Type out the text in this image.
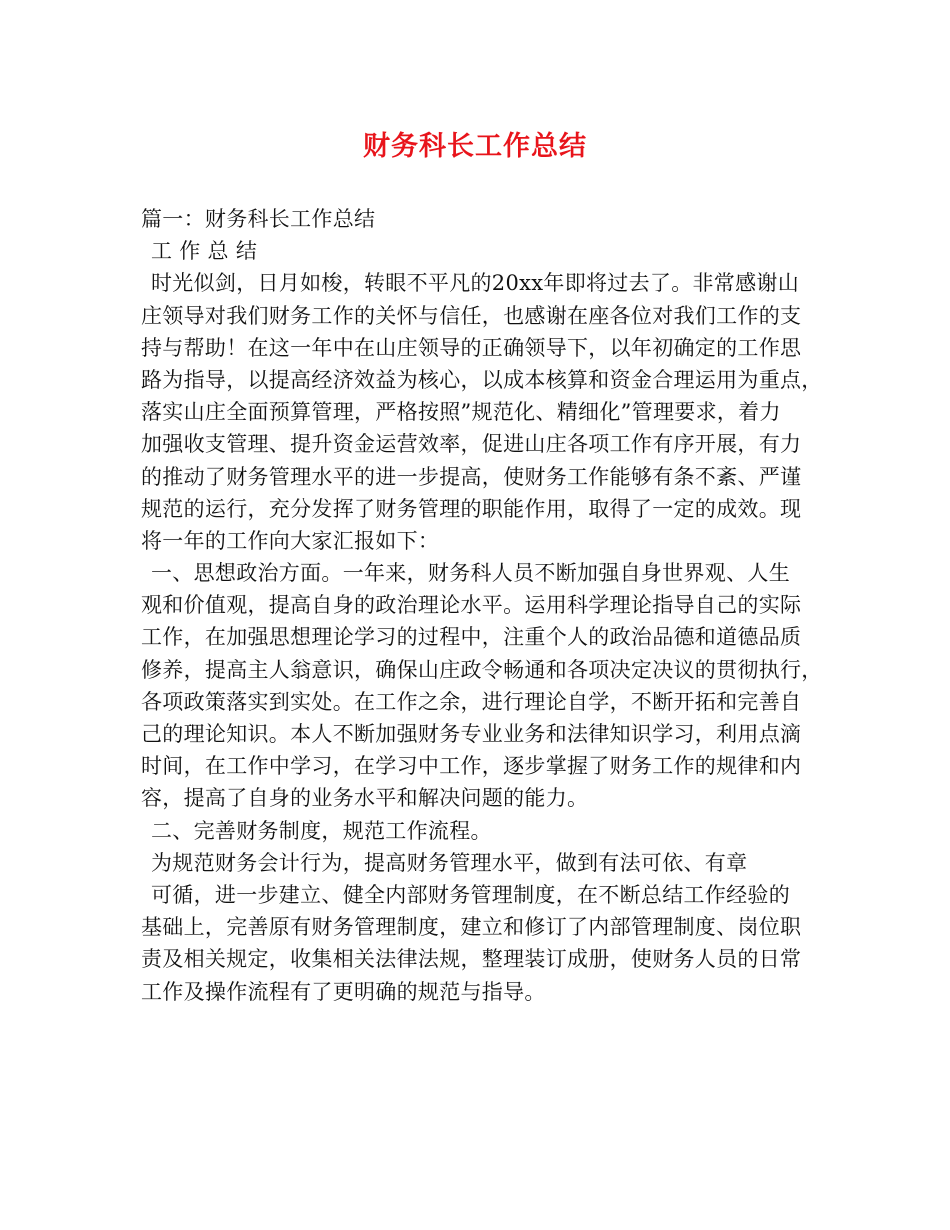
财务科长工作总结
篇一：财务科长工作总结
工 作 总 结
时光似剑，日月如梭，转眼不平凡的20xx年即将过去了。非常感谢山
庄领导对我们财务工作的关怀与信任，也感谢在座各位对我们工作的支
持与帮助！在这一年中在山庄领导的正确领导下，以年初确定的工作思
路为指导，以提高经济效益为核心，以成本核算和资金合理运用为重点，
落实山庄全面预算管理，严格按照”规范化、精细化”管理要求，着力
加强收支管理、提升资金运营效率，促进山庄各项工作有序开展，有力
的推动了财务管理水平的进一步提高，使财务工作能够有条不紊、严谨
规范的运行，充分发挥了财务管理的职能作用，取得了一定的成效。现
将一年的工作向大家汇报如下：
一、思想政治方面。一年来，财务科人员不断加强自身世界观、人生
观和价值观，提高自身的政治理论水平。运用科学理论指导自己的实际
工作，在加强思想理论学习的过程中，注重个人的政治品德和道德品质
修养，提高主人翁意识，确保山庄政令畅通和各项决定决议的贯彻执行，
各项政策落实到实处。在工作之余，进行理论自学，不断开拓和完善自
己的理论知识。本人不断加强财务专业业务和法律知识学习，利用点滴
时间，在工作中学习，在学习中工作，逐步掌握了财务工作的规律和内
容，提高了自身的业务水平和解决问题的能力。
二、完善财务制度，规范工作流程。
为规范财务会计行为，提高财务管理水平，做到有法可依、有章
可循，进一步建立、健全内部财务管理制度，在不断总结工作经验的
基础上，完善原有财务管理制度，建立和修订了内部管理制度、岗位职
责及相关规定，收集相关法律法规，整理装订成册，使财务人员的日常
工作及操作流程有了更明确的规范与指导。
